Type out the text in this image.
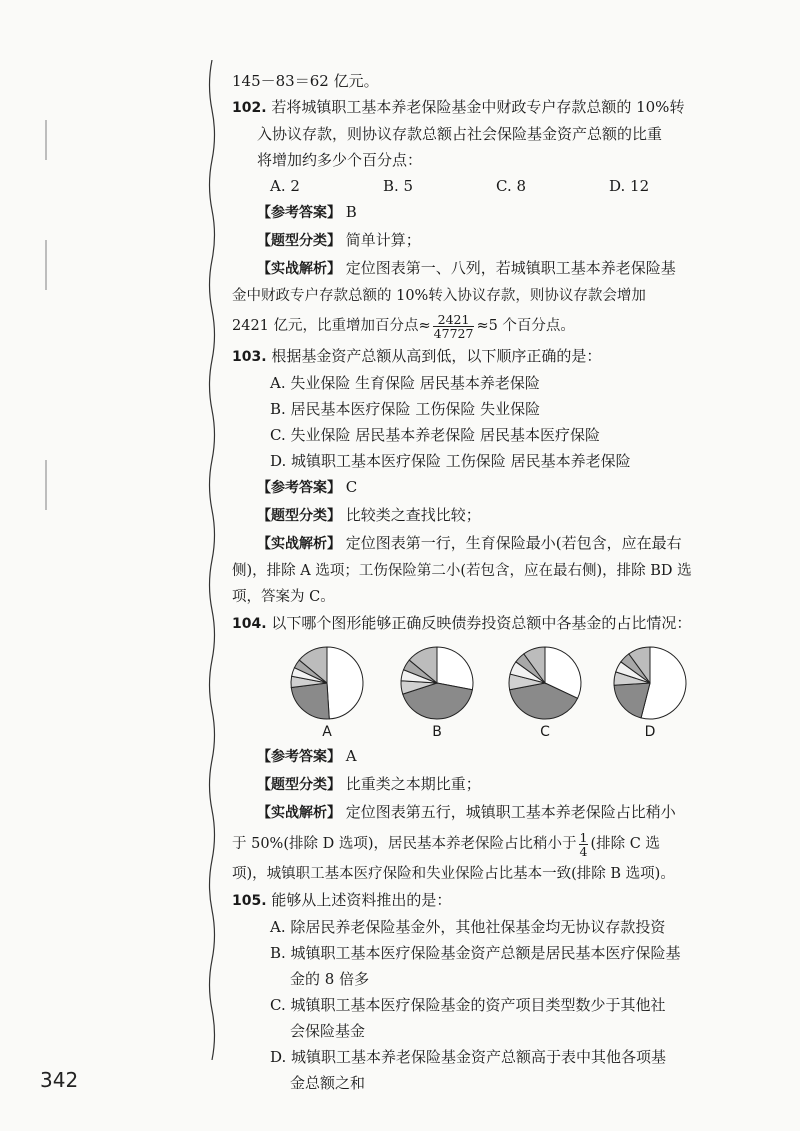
145－83＝62 亿元。
102. 若将城镇职工基本养老保险基金中财政专户存款总额的 10%转
入协议存款，则协议存款总额占社会保险基金资产总额的比重
将增加约多少个百分点：
A. 2	B. 5	C. 8	D. 12
【参考答案】 B
【题型分类】 简单计算；
【实战解析】 定位图表第一、八列，若城镇职工基本养老保险基
金中财政专户存款总额的 10%转入协议存款，则协议存款会增加
2421 亿元，比重增加百分点≈ $\frac{2421}{47727} \approx 5$ 个百分点。
103. 根据基金资产总额从高到低，以下顺序正确的是：
A. 失业保险 生育保险 居民基本养老保险
B. 居民基本医疗保险 工伤保险 失业保险
C. 失业保险 居民基本养老保险 居民基本医疗保险
D. 城镇职工基本医疗保险 工伤保险 居民基本养老保险
【参考答案】 C
【题型分类】 比较类之查找比较；
【实战解析】 定位图表第一行，生育保险最小(若包含，应在最右
侧)，排除 A 选项；工伤保险第二小(若包含，应在最右侧)，排除 BD 选
项，答案为 C。
104. 以下哪个图形能够正确反映债券投资总额中各基金的占比情况：
A	B	C	D
【参考答案】 A
【题型分类】 比重类之本期比重；
【实战解析】 定位图表第五行，城镇职工基本养老保险占比稍小
于 50%(排除 D 选项)，居民基本养老保险占比稍小于 $\frac{1}{4}$ (排除 C 选
项)，城镇职工基本医疗保险和失业保险占比基本一致(排除 B 选项)。
105. 能够从上述资料推出的是：
A. 除居民养老保险基金外，其他社保基金均无协议存款投资
B. 城镇职工基本医疗保险基金资产总额是居民基本医疗保险基
金的 8 倍多
C. 城镇职工基本医疗保险基金的资产项目类型数少于其他社
会保险基金
D. 城镇职工基本养老保险基金资产总额高于表中其他各项基
金总额之和
342
